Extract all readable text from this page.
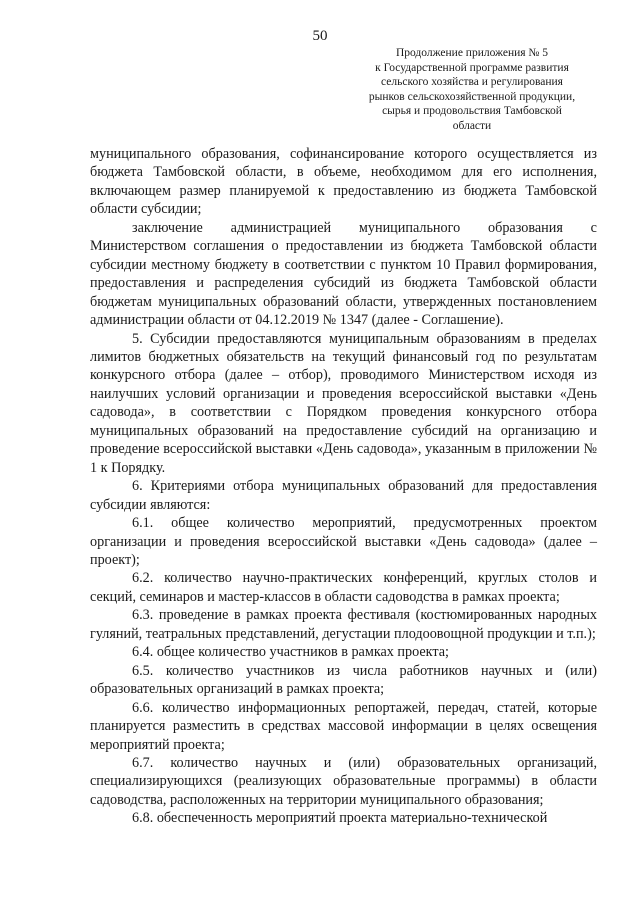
50
Продолжение приложения № 5
к Государственной программе развития
сельского хозяйства и регулирования
рынков сельскохозяйственной продукции,
сырья и продовольствия Тамбовской
области

муниципального образования, софинансирование которого осуществляется из бюджета Тамбовской области, в объеме, необходимом для его исполнения, включающем размер планируемой к предоставлению из бюджета Тамбовской области субсидии;

заключение администрацией муниципального образования с Министерством соглашения о предоставлении из бюджета Тамбовской области субсидии местному бюджету в соответствии с пунктом 10 Правил формирования, предоставления и распределения субсидий из бюджета Тамбовской области бюджетам муниципальных образований области, утвержденных постановлением администрации области от 04.12.2019 № 1347 (далее - Соглашение).

5. Субсидии предоставляются муниципальным образованиям в пределах лимитов бюджетных обязательств на текущий финансовый год по результатам конкурсного отбора (далее – отбор), проводимого Министерством исходя из наилучших условий организации и проведения всероссийской выставки «День садовода», в соответствии с Порядком проведения конкурсного отбора муниципальных образований на предоставление субсидий на организацию и проведение всероссийской выставки «День садовода», указанным в приложении № 1 к Порядку.

6. Критериями отбора муниципальных образований для предоставления субсидии являются:

6.1. общее количество мероприятий, предусмотренных проектом организации и проведения всероссийской выставки «День садовода» (далее – проект);

6.2. количество научно-практических конференций, круглых столов и секций, семинаров и мастер-классов в области садоводства в рамках проекта;

6.3. проведение в рамках проекта фестиваля (костюмированных народных гуляний, театральных представлений, дегустации плодоовощной продукции и т.п.);

6.4. общее количество участников в рамках проекта;

6.5. количество участников из числа работников научных и (или) образовательных организаций в рамках проекта;

6.6. количество информационных репортажей, передач, статей, которые планируется разместить в средствах массовой информации в целях освещения мероприятий проекта;

6.7. количество научных и (или) образовательных организаций, специализирующихся (реализующих образовательные программы) в области садоводства, расположенных на территории муниципального образования;

6.8. обеспеченность мероприятий проекта материально-технической
